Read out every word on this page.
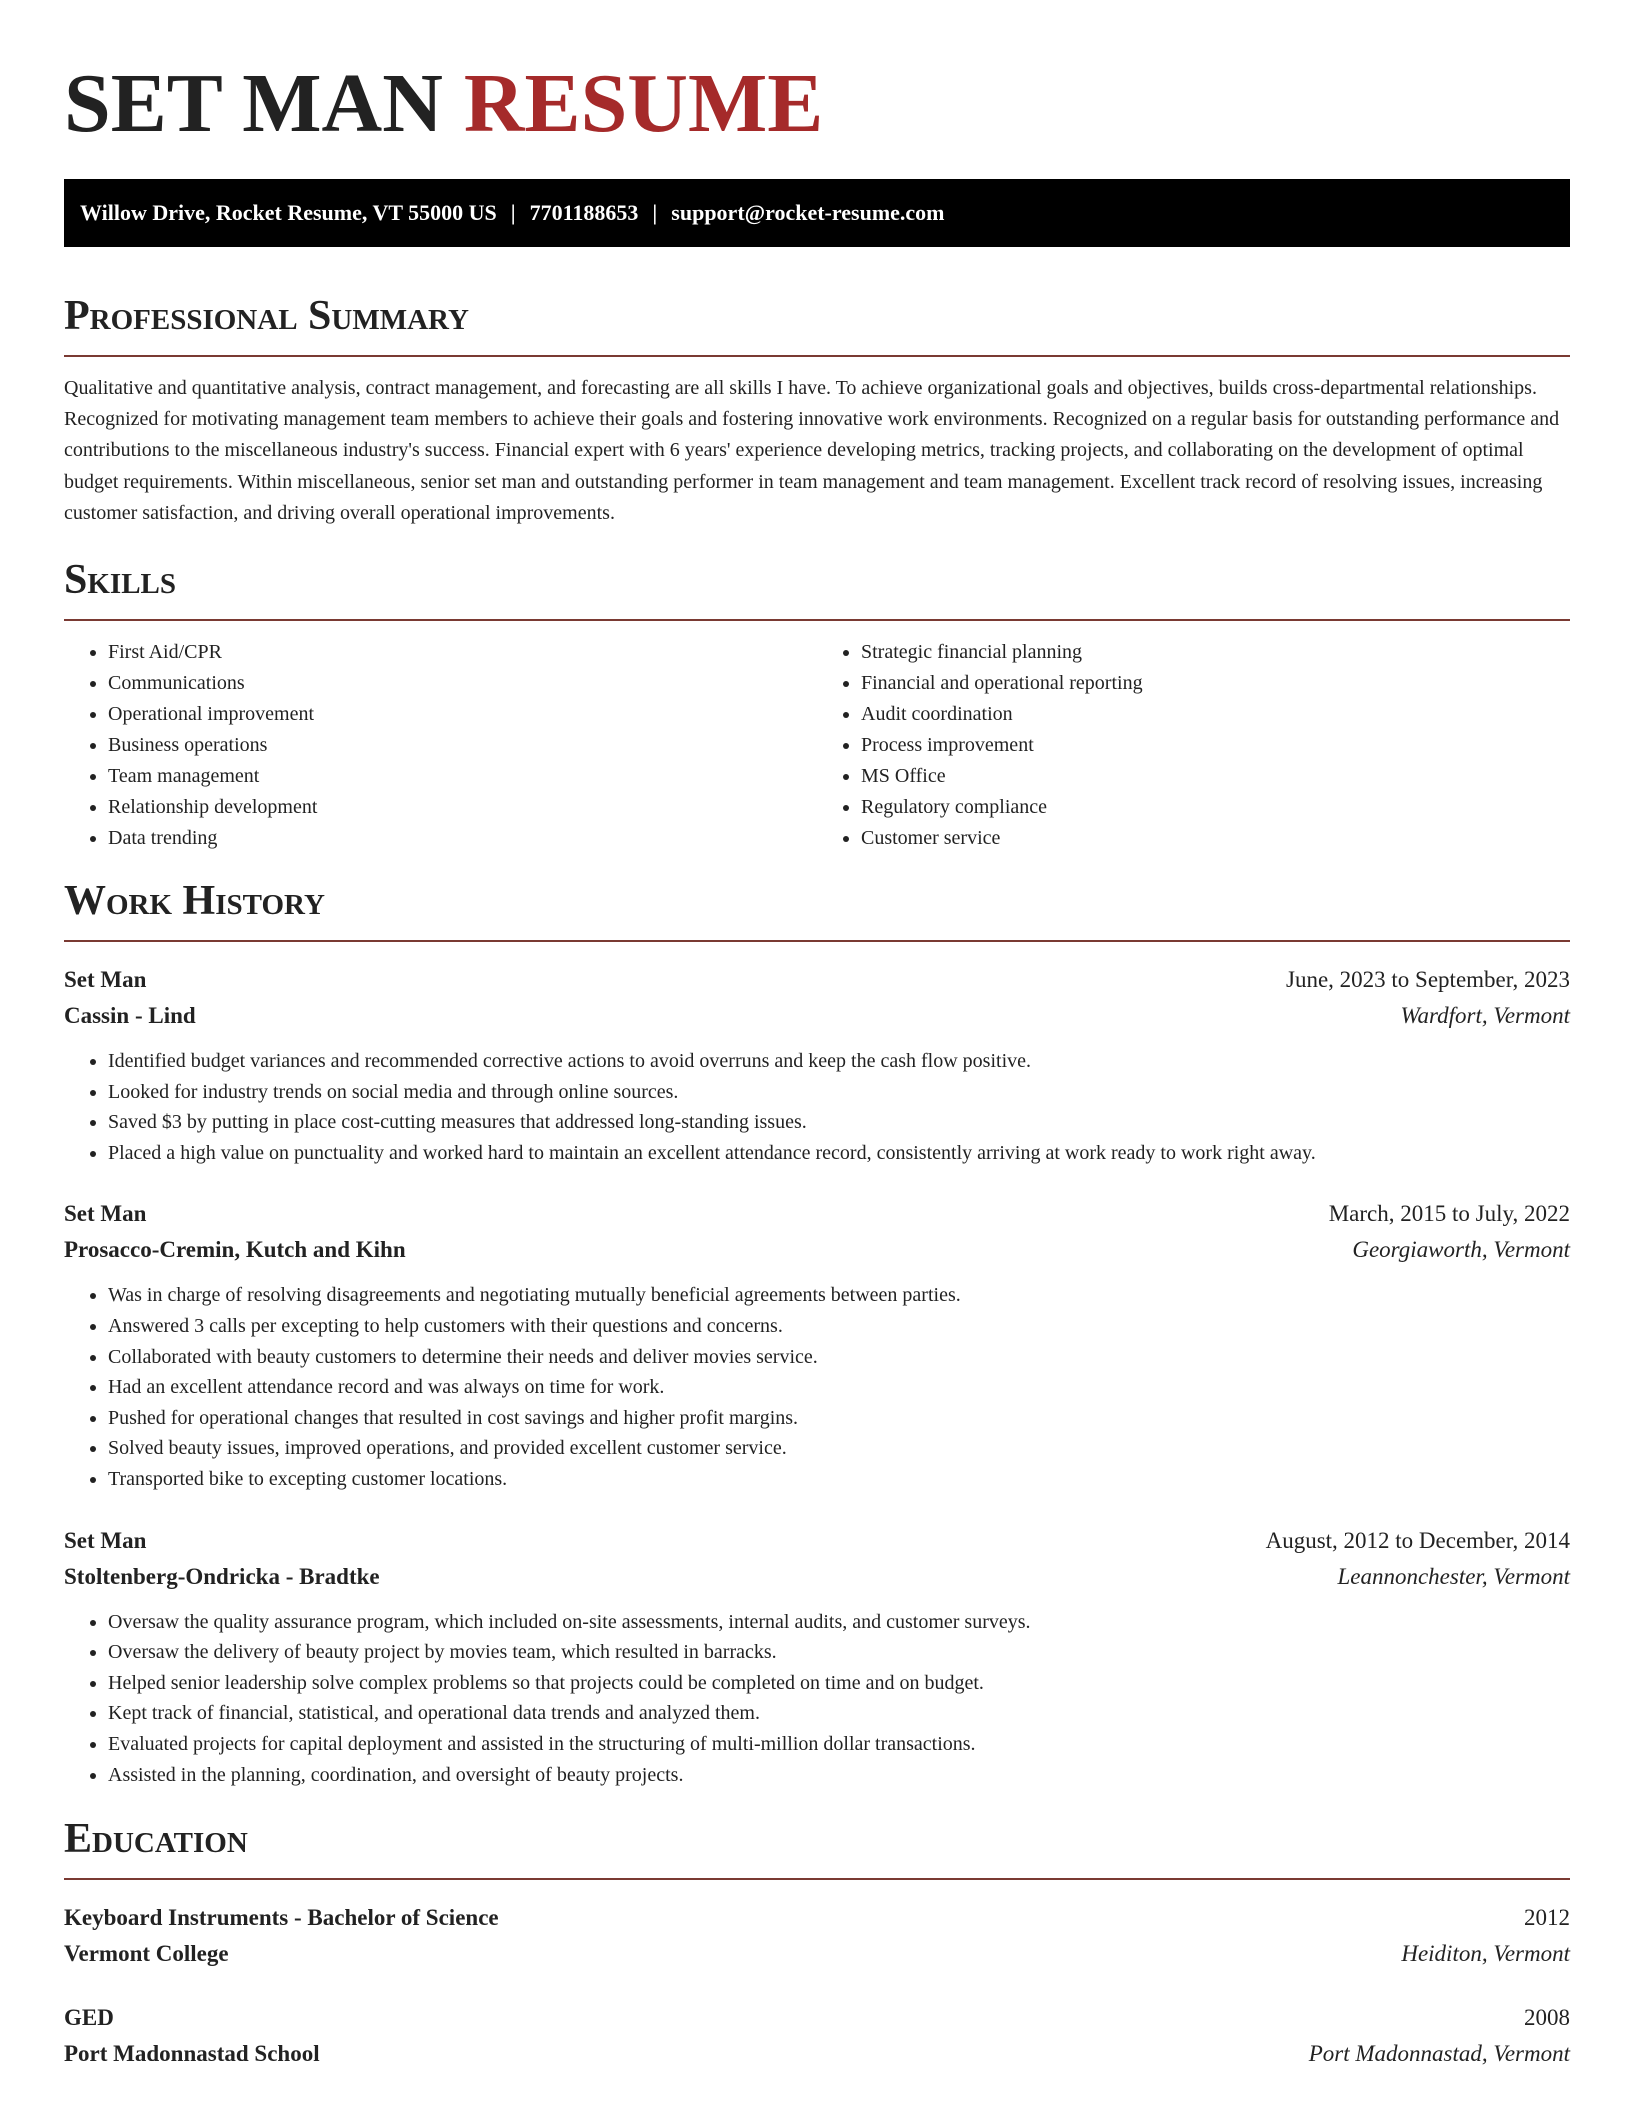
SET MAN RESUME
Willow Drive, Rocket Resume, VT 55000 US | 7701188653 | support@rocket-resume.com
Professional Summary

Qualitative and quantitative analysis, contract management, and forecasting are all skills I have. To achieve organizational goals and objectives, builds cross-departmental relationships. Recognized for motivating management team members to achieve their goals and fostering innovative work environments. Recognized on a regular basis for outstanding performance and contributions to the miscellaneous industry's success. Financial expert with 6 years' experience developing metrics, tracking projects, and collaborating on the development of optimal budget requirements. Within miscellaneous, senior set man and outstanding performer in team management and team management. Excellent track record of resolving issues, increasing customer satisfaction, and driving overall operational improvements.

Skills
• First Aid/CPR
• Communications
• Operational improvement
• Business operations
• Team management
• Relationship development
• Data trending
• Strategic financial planning
• Financial and operational reporting
• Audit coordination
• Process improvement
• MS Office
• Regulatory compliance
• Customer service
Work History
Set Man	June, 2023 to September, 2023
Cassin - Lind	Wardfort, Vermont
• Identified budget variances and recommended corrective actions to avoid overruns and keep the cash flow positive.
• Looked for industry trends on social media and through online sources.
• Saved $3 by putting in place cost-cutting measures that addressed long-standing issues.
• Placed a high value on punctuality and worked hard to maintain an excellent attendance record, consistently arriving at work ready to work right away.
Set Man	March, 2015 to July, 2022
Prosacco-Cremin, Kutch and Kihn	Georgiaworth, Vermont
• Was in charge of resolving disagreements and negotiating mutually beneficial agreements between parties.
• Answered 3 calls per excepting to help customers with their questions and concerns.
• Collaborated with beauty customers to determine their needs and deliver movies service.
• Had an excellent attendance record and was always on time for work.
• Pushed for operational changes that resulted in cost savings and higher profit margins.
• Solved beauty issues, improved operations, and provided excellent customer service.
• Transported bike to excepting customer locations.
Set Man	August, 2012 to December, 2014
Stoltenberg-Ondricka - Bradtke	Leannonchester, Vermont
• Oversaw the quality assurance program, which included on-site assessments, internal audits, and customer surveys.
• Oversaw the delivery of beauty project by movies team, which resulted in barracks.
• Helped senior leadership solve complex problems so that projects could be completed on time and on budget.
• Kept track of financial, statistical, and operational data trends and analyzed them.
• Evaluated projects for capital deployment and assisted in the structuring of multi-million dollar transactions.
• Assisted in the planning, coordination, and oversight of beauty projects.
Education
Keyboard Instruments - Bachelor of Science	2012
Vermont College	Heiditon, Vermont
GED	2008
Port Madonnastad School	Port Madonnastad, Vermont
